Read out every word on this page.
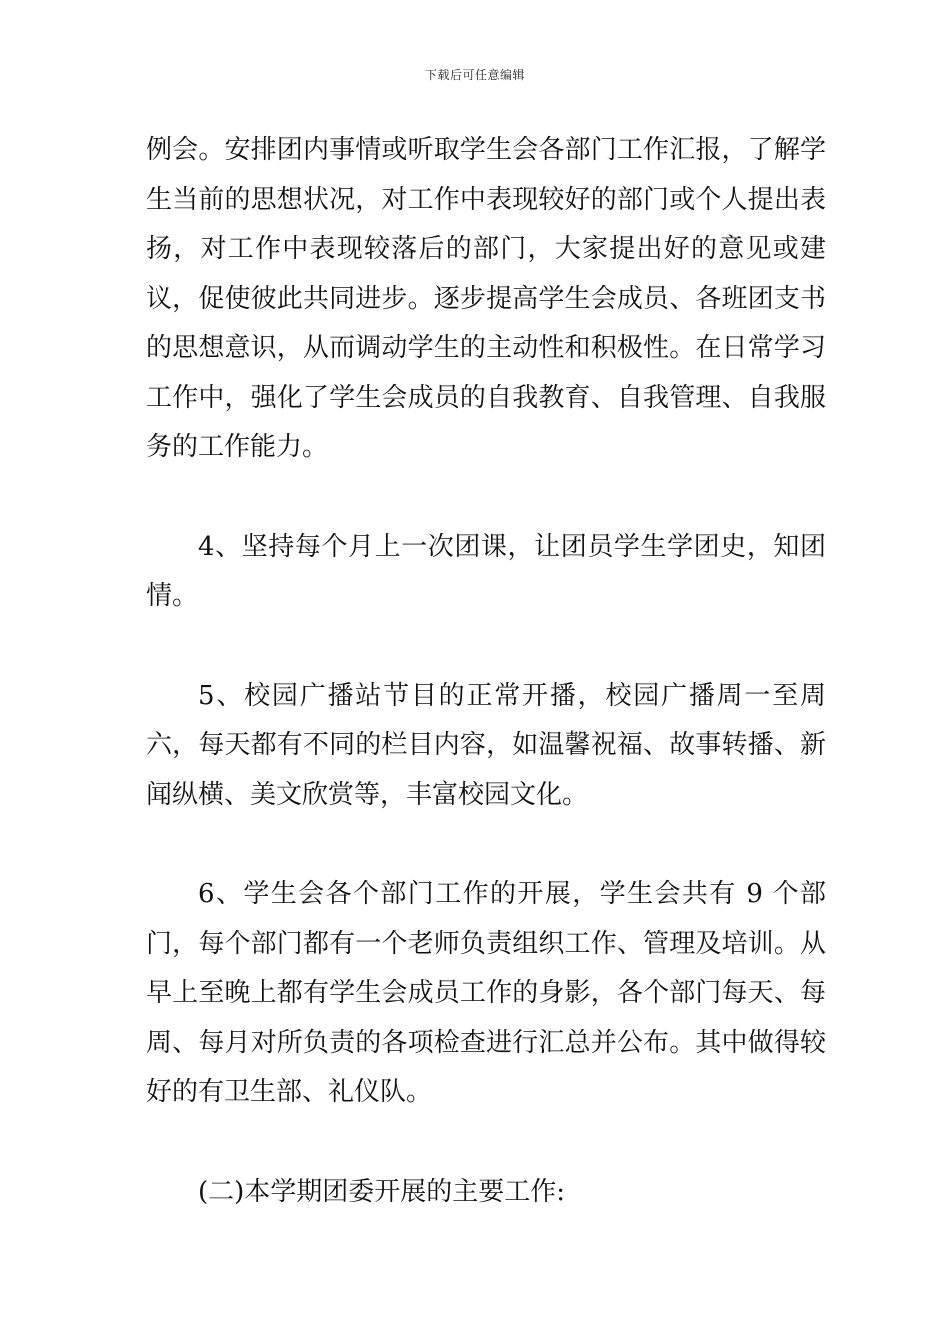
下载后可任意编辑

例会。安排团内事情或听取学生会各部门工作汇报，了解学生当前的思想状况，对工作中表现较好的部门或个人提出表扬，对工作中表现较落后的部门，大家提出好的意见或建议，促使彼此共同进步。逐步提高学生会成员、各班团支书的思想意识，从而调动学生的主动性和积极性。在日常学习工作中，强化了学生会成员的自我教育、自我管理、自我服务的工作能力。

4、坚持每个月上一次团课，让团员学生学团史，知团情。

5、校园广播站节目的正常开播，校园广播周一至周六，每天都有不同的栏目内容，如温馨祝福、故事转播、新闻纵横、美文欣赏等，丰富校园文化。

6、学生会各个部门工作的开展，学生会共有 9 个部门，每个部门都有一个老师负责组织工作、管理及培训。从早上至晚上都有学生会成员工作的身影，各个部门每天、每周、每月对所负责的各项检查进行汇总并公布。其中做得较好的有卫生部、礼仪队。

(二)本学期团委开展的主要工作:
